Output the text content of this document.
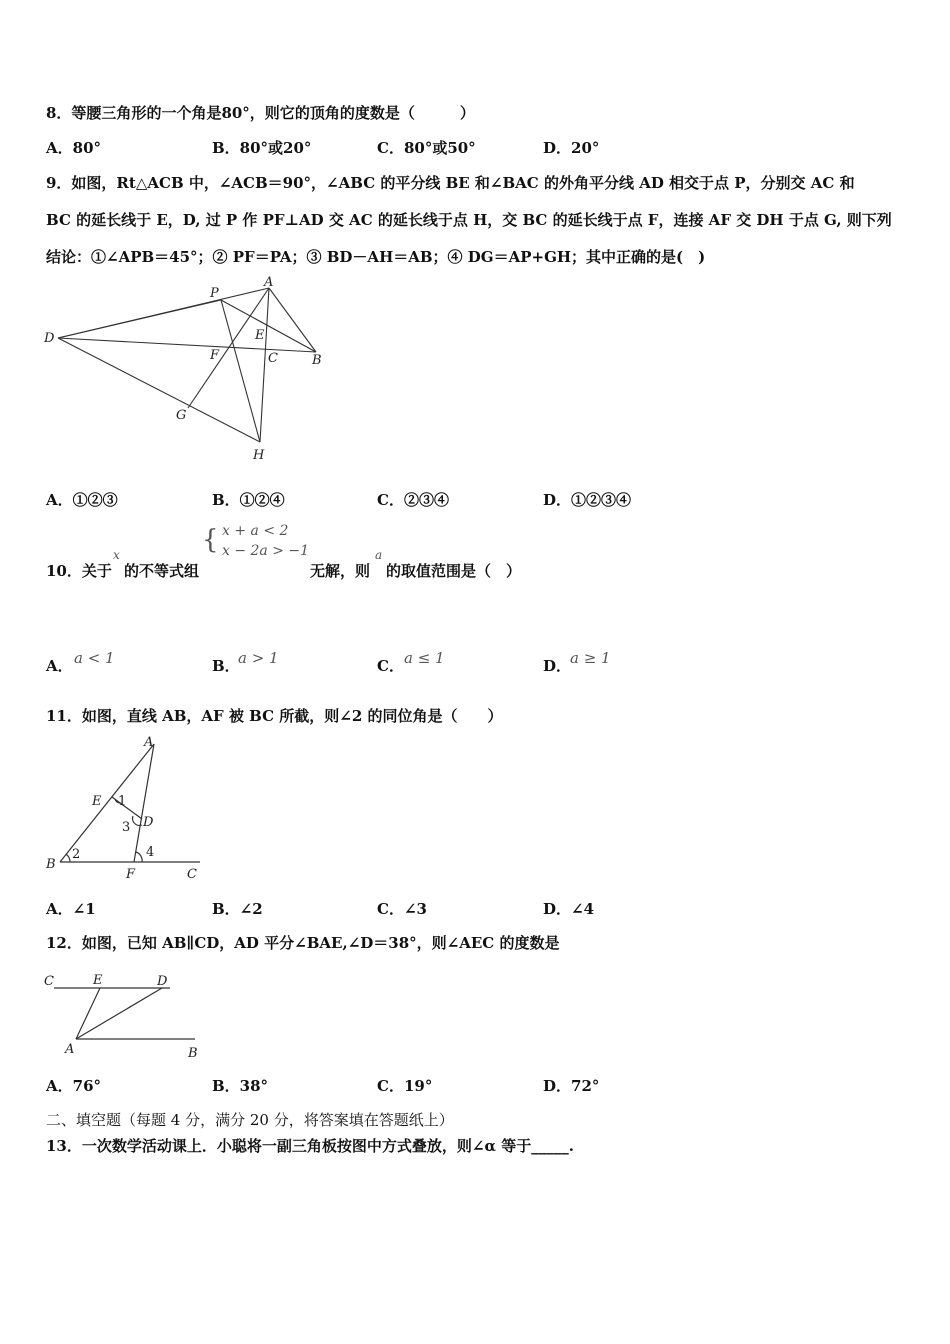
8．等腰三角形的一个角是80°，则它的顶角的度数是（　　　）
A．80°	B．80°或20°	C．80°或50°	D．20°
9．如图，Rt△ACB 中，∠ACB＝90°，∠ABC 的平分线 BE 和∠BAC 的外角平分线 AD 相交于点 P，分别交 AC 和
BC 的延长线于 E，D, 过 P 作 PF⊥AD 交 AC 的延长线于点 H，交 BC 的延长线于点 F，连接 AF 交 DH 于点 G, 则下列
结论：①∠APB＝45°；② PF＝PA；③ BD－AH＝AB；④ DG＝AP+GH；其中正确的是(　)
P
A
D	E
F	C	B
G
H
A．①②③	B．①②④	C．②③④	D．①②③④
10．关于
x
的不等式组
{ x + a < 2
x − 2a > −1
无解，则
a
的取值范围是（　）
A． a < 1	B．
a > 1	C． a ≤ 1	D．
a ≥ 1
11．如图，直线 AB，AF 被 BC 所截，则∠2 的同位角是（　　）
A
E 1
3 D
4
B
2
F	C
A．∠1	B．∠2	C．∠3	D．∠4
12．如图，已知 AB∥CD，AD 平分∠BAE,∠D＝38°，则∠AEC 的度数是
C	E	D
A	B
A．76°	B．38°	C．19°	D．72°
二、填空题（每题 4 分，满分 20 分，将答案填在答题纸上）
13．一次数学活动课上．小聪将一副三角板按图中方式叠放，则∠α 等于_____.
